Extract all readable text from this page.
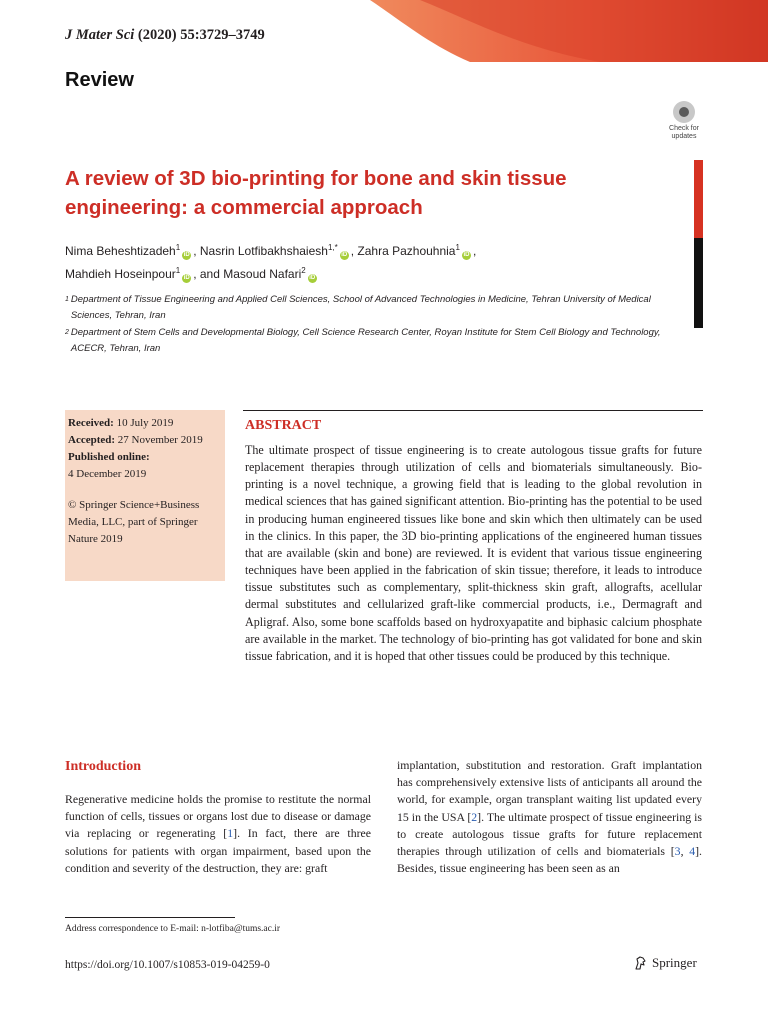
J Mater Sci (2020) 55:3729–3749
Review
Check for updates
A review of 3D bio-printing for bone and skin tissue engineering: a commercial approach
Nima Beheshtizadeh$^1$iD , Nasrin Lotfibakhshaiesh$^{1,*}$iD , Zahra Pazhouhnia$^1$iD ,
Mahdieh Hoseinpour$^1$iD , and Masoud Nafari$^2$iD
1 Department of Tissue Engineering and Applied Cell Sciences, School of Advanced Technologies in Medicine, Tehran University of Medical Sciences, Tehran, Iran
2 Department of Stem Cells and Developmental Biology, Cell Science Research Center, Royan Institute for Stem Cell Biology and Technology, ACECR, Tehran, Iran
Received: 10 July 2019
Accepted: 27 November 2019
Published online:
4 December 2019
© Springer Science+Business Media, LLC, part of Springer Nature 2019
ABSTRACT

The ultimate prospect of tissue engineering is to create autologous tissue grafts for future replacement therapies through utilization of cells and biomaterials simultaneously. Bio-printing is a novel technique, a growing field that is leading to the global revolution in medical sciences that has gained significant attention. Bio-printing has the potential to be used in producing human engineered tissues like bone and skin which then ultimately can be used in the clinics. In this paper, the 3D bio-printing applications of the engineered human tissues that are available (skin and bone) are reviewed. It is evident that various tissue engineering techniques have been applied in the fabrication of skin tissue; therefore, it leads to introduce tissue substitutes such as complementary, split-thickness skin graft, allografts, acellular dermal substitutes and cellularized graft-like commercial products, i.e., Dermagraft and Apligraf. Also, some bone scaffolds based on hydroxyapatite and biphasic calcium phosphate are available in the market. The technology of bio-printing has got validated for bone and skin tissue fabrication, and it is hoped that other tissues could be produced by this technique.

Introduction

Regenerative medicine holds the promise to restitute the normal function of cells, tissues or organs lost due to disease or damage via replacing or regenerating [1]. In fact, there are three solutions for patients with organ impairment, based upon the condition and severity of the destruction, they are: graft

implantation, substitution and restoration. Graft implantation has comprehensively extensive lists of anticipants all around the world, for example, organ transplant waiting list updated every 15 in the USA [2]. The ultimate prospect of tissue engineering is to create autologous tissue grafts for future replacement therapies through utilization of cells and biomaterials [3, 4]. Besides, tissue engineering has been seen as an

Address correspondence to E-mail: n-lotfiba@tums.ac.ir
https://doi.org/10.1007/s10853-019-04259-0	Springer
